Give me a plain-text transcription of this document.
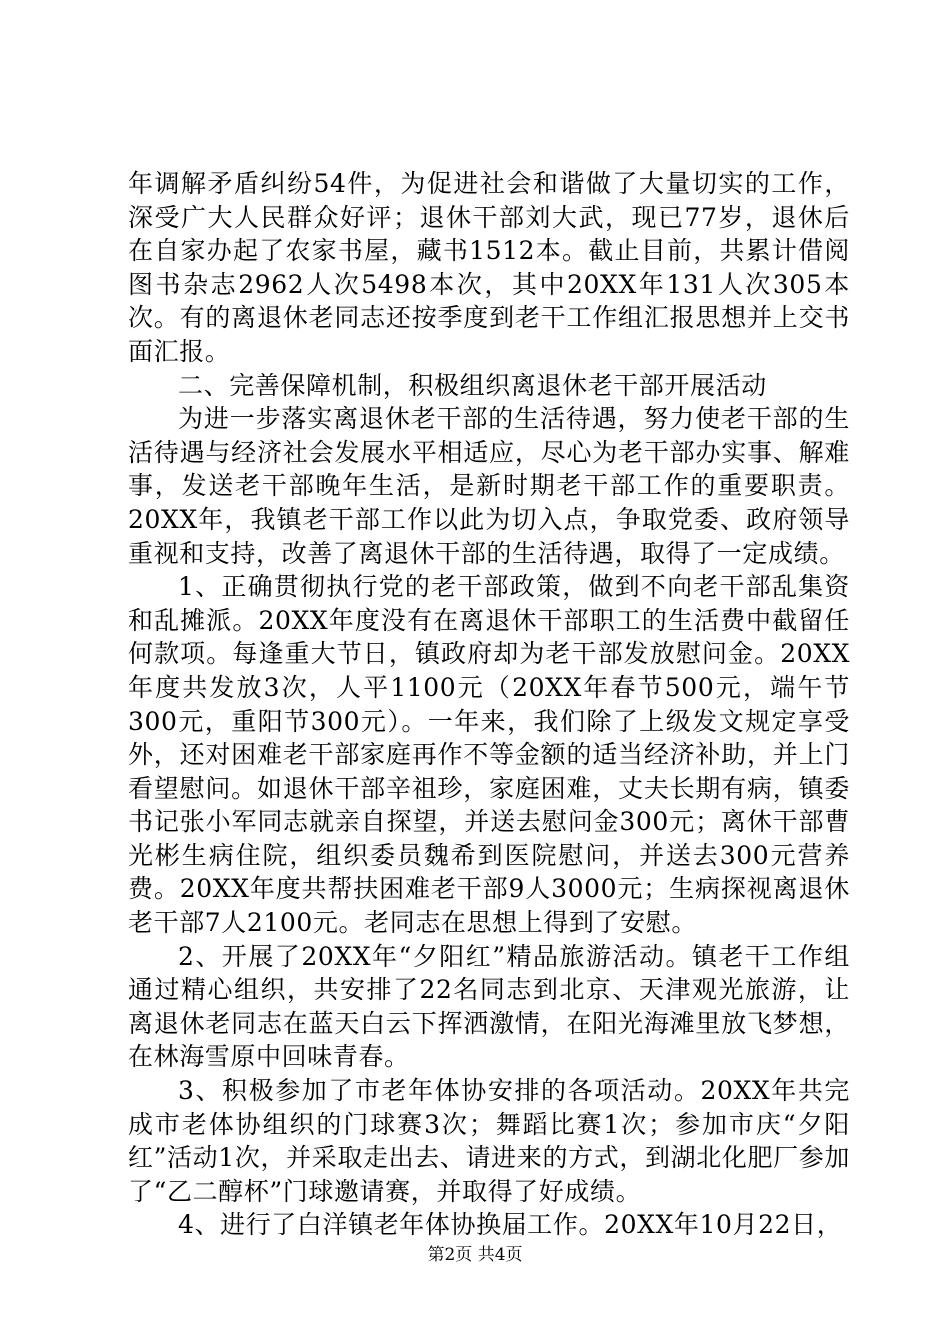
年调解矛盾纠纷54件，为促进社会和谐做了大量切实的工作，深受广大人民群众好评；退休干部刘大武，现已77岁，退休后在自家办起了农家书屋，藏书1512本。截止目前，共累计借阅图书杂志2962人次5498本次，其中20XX年131人次305本次。有的离退休老同志还按季度到老干工作组汇报思想并上交书面汇报。

二、完善保障机制，积极组织离退休老干部开展活动

为进一步落实离退休老干部的生活待遇，努力使老干部的生活待遇与经济社会发展水平相适应，尽心为老干部办实事、解难事，发送老干部晚年生活，是新时期老干部工作的重要职责。20XX年，我镇老干部工作以此为切入点，争取党委、政府领导重视和支持，改善了离退休干部的生活待遇，取得了一定成绩。

1、正确贯彻执行党的老干部政策，做到不向老干部乱集资和乱摊派。20XX年度没有在离退休干部职工的生活费中截留任何款项。每逢重大节日，镇政府却为老干部发放慰问金。20XX年度共发放3次，人平1100元（20XX年春节500元，端午节300元，重阳节300元）。一年来，我们除了上级发文规定享受外，还对困难老干部家庭再作不等金额的适当经济补助，并上门看望慰问。如退休干部辛祖珍，家庭困难，丈夫长期有病，镇委书记张小军同志就亲自探望，并送去慰问金300元；离休干部曹光彬生病住院，组织委员魏希到医院慰问，并送去300元营养费。20XX年度共帮扶困难老干部9人3000元；生病探视离退休老干部7人2100元。老同志在思想上得到了安慰。

2、开展了20XX年“夕阳红”精品旅游活动。镇老干工作组通过精心组织，共安排了22名同志到北京、天津观光旅游，让离退休老同志在蓝天白云下挥洒激情，在阳光海滩里放飞梦想，在林海雪原中回味青春。

3、积极参加了市老年体协安排的各项活动。20XX年共完成市老体协组织的门球赛3次；舞蹈比赛1次；参加市庆“夕阳红”活动1次，并采取走出去、请进来的方式，到湖北化肥厂参加了“乙二醇杯”门球邀请赛，并取得了好成绩。

4、进行了白洋镇老年体协换届工作。20XX年10月22日，

第2页 共4页
